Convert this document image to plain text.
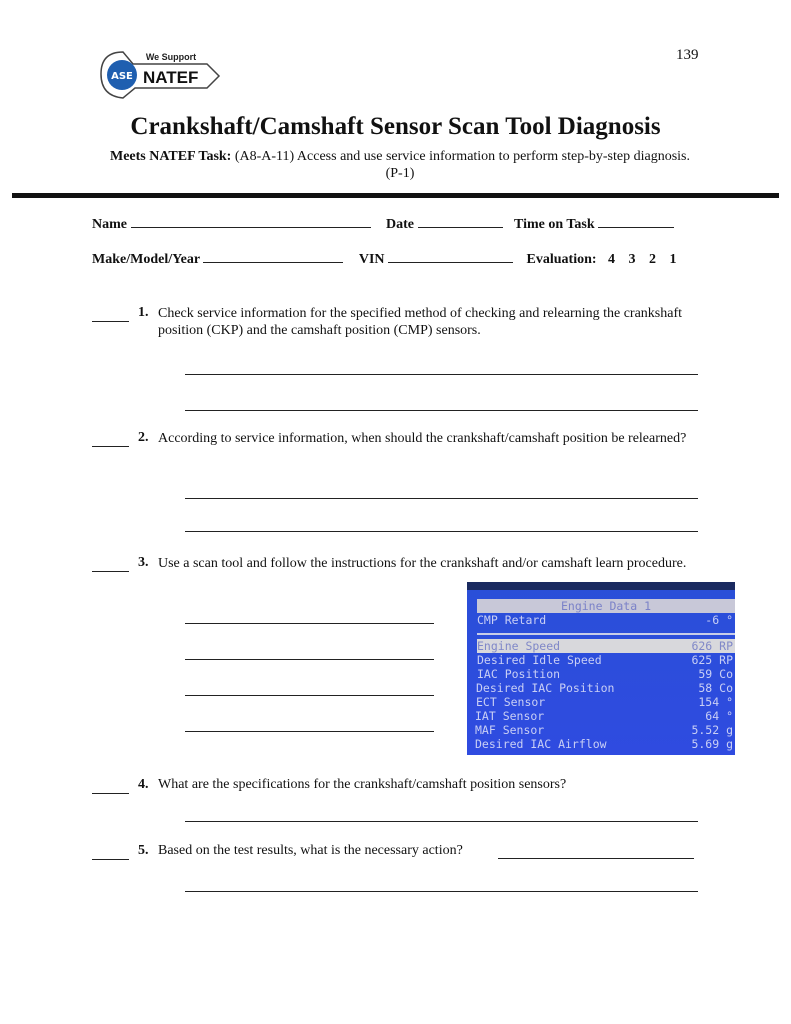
ASE
We Support
NATEF
139
Crankshaft/Camshaft Sensor Scan Tool Diagnosis
Meets NATEF Task: (A8-A-11) Access and use service information to perform step-by-step diagnosis. (P-1)
Name	Date	Time on Task
Make/Model/Year	VIN	Evaluation: 4 3 2 1
1. Check service information for the specified method of checking and relearning the crankshaft position (CKP) and the camshaft position (CMP) sensors.
2. According to service information, when should the crankshaft/camshaft position be relearned?
3. Use a scan tool and follow the instructions for the crankshaft and/or camshaft learn procedure.
Engine Data 1
CMP Retard	-6 °
Engine Speed	626 RP
Desired Idle Speed	625 RP
IAC Position	59 Co
Desired IAC Position	58 Co
ECT Sensor	154 °
IAT Sensor	64 °
MAF Sensor	5.52 g
Desired IAC Airflow	5.69 g
4. What are the specifications for the crankshaft/camshaft position sensors?
5. Based on the test results, what is the necessary action?
